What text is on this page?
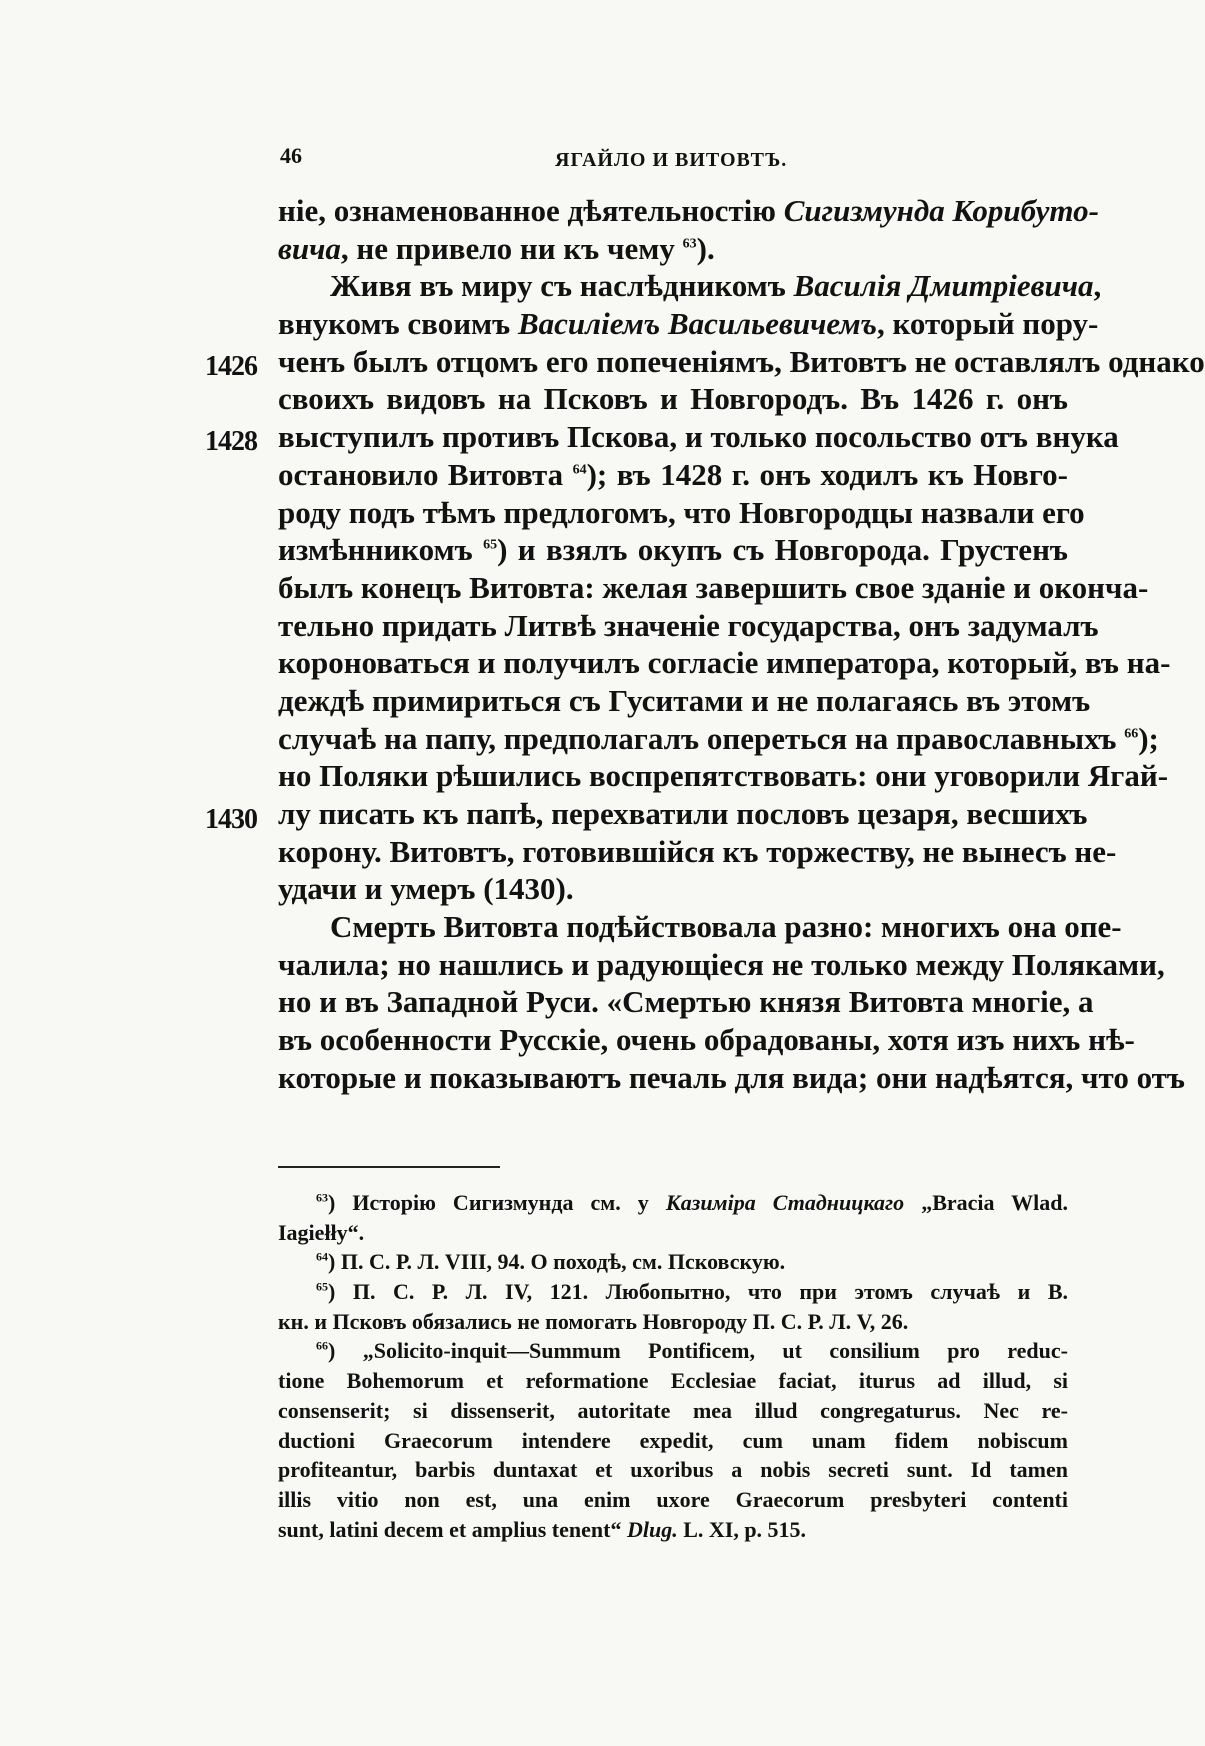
46	ЯГАЙЛО И ВИТОВТЪ.
1426
1428
1430
ніе, ознаменованное дѣятельностію Сигизмунда Корибуто-
вича, не привело ни къ чему $^{63}$).
Живя въ миру съ наслѣдникомъ Василія Дмитріевича,
внукомъ своимъ Василіемъ Васильевичемъ, который пору-
ченъ былъ отцомъ его попеченіямъ, Витовтъ не оставлялъ однако
своихъ видовъ на Псковъ и Новгородъ. Въ 1426 г. онъ
выступилъ противъ Пскова, и только посольство отъ внука
остановило Витовта $^{64}$); въ 1428 г. онъ ходилъ къ Новго-
роду подъ тѣмъ предлогомъ, что Новгородцы назвали его
измѣнникомъ $^{65}$) и взялъ окупъ съ Новгорода. Грустенъ
былъ конецъ Витовта: желая завершить свое зданіе и оконча-
тельно придать Литвѣ значеніе государства, онъ задумалъ
короноваться и получилъ согласіе императора, который, въ на-
деждѣ примириться съ Гуситами и не полагаясь въ этомъ
случаѣ на папу, предполагалъ опереться на православныхъ $^{66}$);
но Поляки рѣшились воспрепятствовать: они уговорили Ягай-
лу писать къ папѣ, перехватили пословъ цезаря, весшихъ
корону. Витовтъ, готовившійся къ торжеству, не вынесъ не-
удачи и умеръ (1430).
Смерть Витовта подѣйствовала разно: многихъ она опе-
чалила; но нашлись и радующіеся не только между Поляками,
но и въ Западной Руси. «Смертью князя Витовта многіе, а
въ особенности Русскіе, очень обрадованы, хотя изъ нихъ нѣ-
которые и показываютъ печаль для вида; они надѣятся, что отъ
$^{63}$) Исторію Сигизмунда см. у Казиміра Стадницкаго „Bracia Wlad.
Iagiełły“.
$^{64}$) П. С. Р. Л. VIII, 94. О походѣ, см. Псковскую.
$^{65}$) П. С. Р. Л. IV, 121. Любопытно, что при этомъ случаѣ и В.
кн. и Псковъ обязались не помогать Новгороду П. С. Р. Л. V, 26.
$^{66}$) „Solicito-inquit—Summum Pontificem, ut consilium pro reduc-
tione Bohemorum et reformatione Ecclesiae faciat, iturus ad illud, si
consenserit; si dissenserit, autoritate mea illud congregaturus. Nec re-
ductioni Graecorum intendere expedit, cum unam fidem nobiscum
profiteantur, barbis duntaxat et uxoribus a nobis secreti sunt. Id tamen
illis vitio non est, una enim uxore Graecorum presbyteri contenti
sunt, latini decem et amplius tenent“ Dlug. L. XI, p. 515.
